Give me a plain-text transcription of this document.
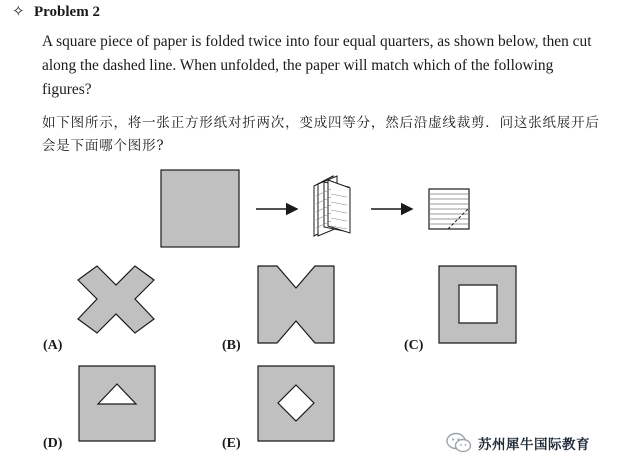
✧ Problem 2
A square piece of paper is folded twice into four equal quarters, as shown below, then cut along the dashed line. When unfolded, the paper will match which of the following figures?
如下图所示，将一张正方形纸对折两次，变成四等分，然后沿虚线裁剪．问这张纸展开后会是下面哪个图形?
(A)	(B)	(C)
(D)	(E)	苏州犀牛国际教育
